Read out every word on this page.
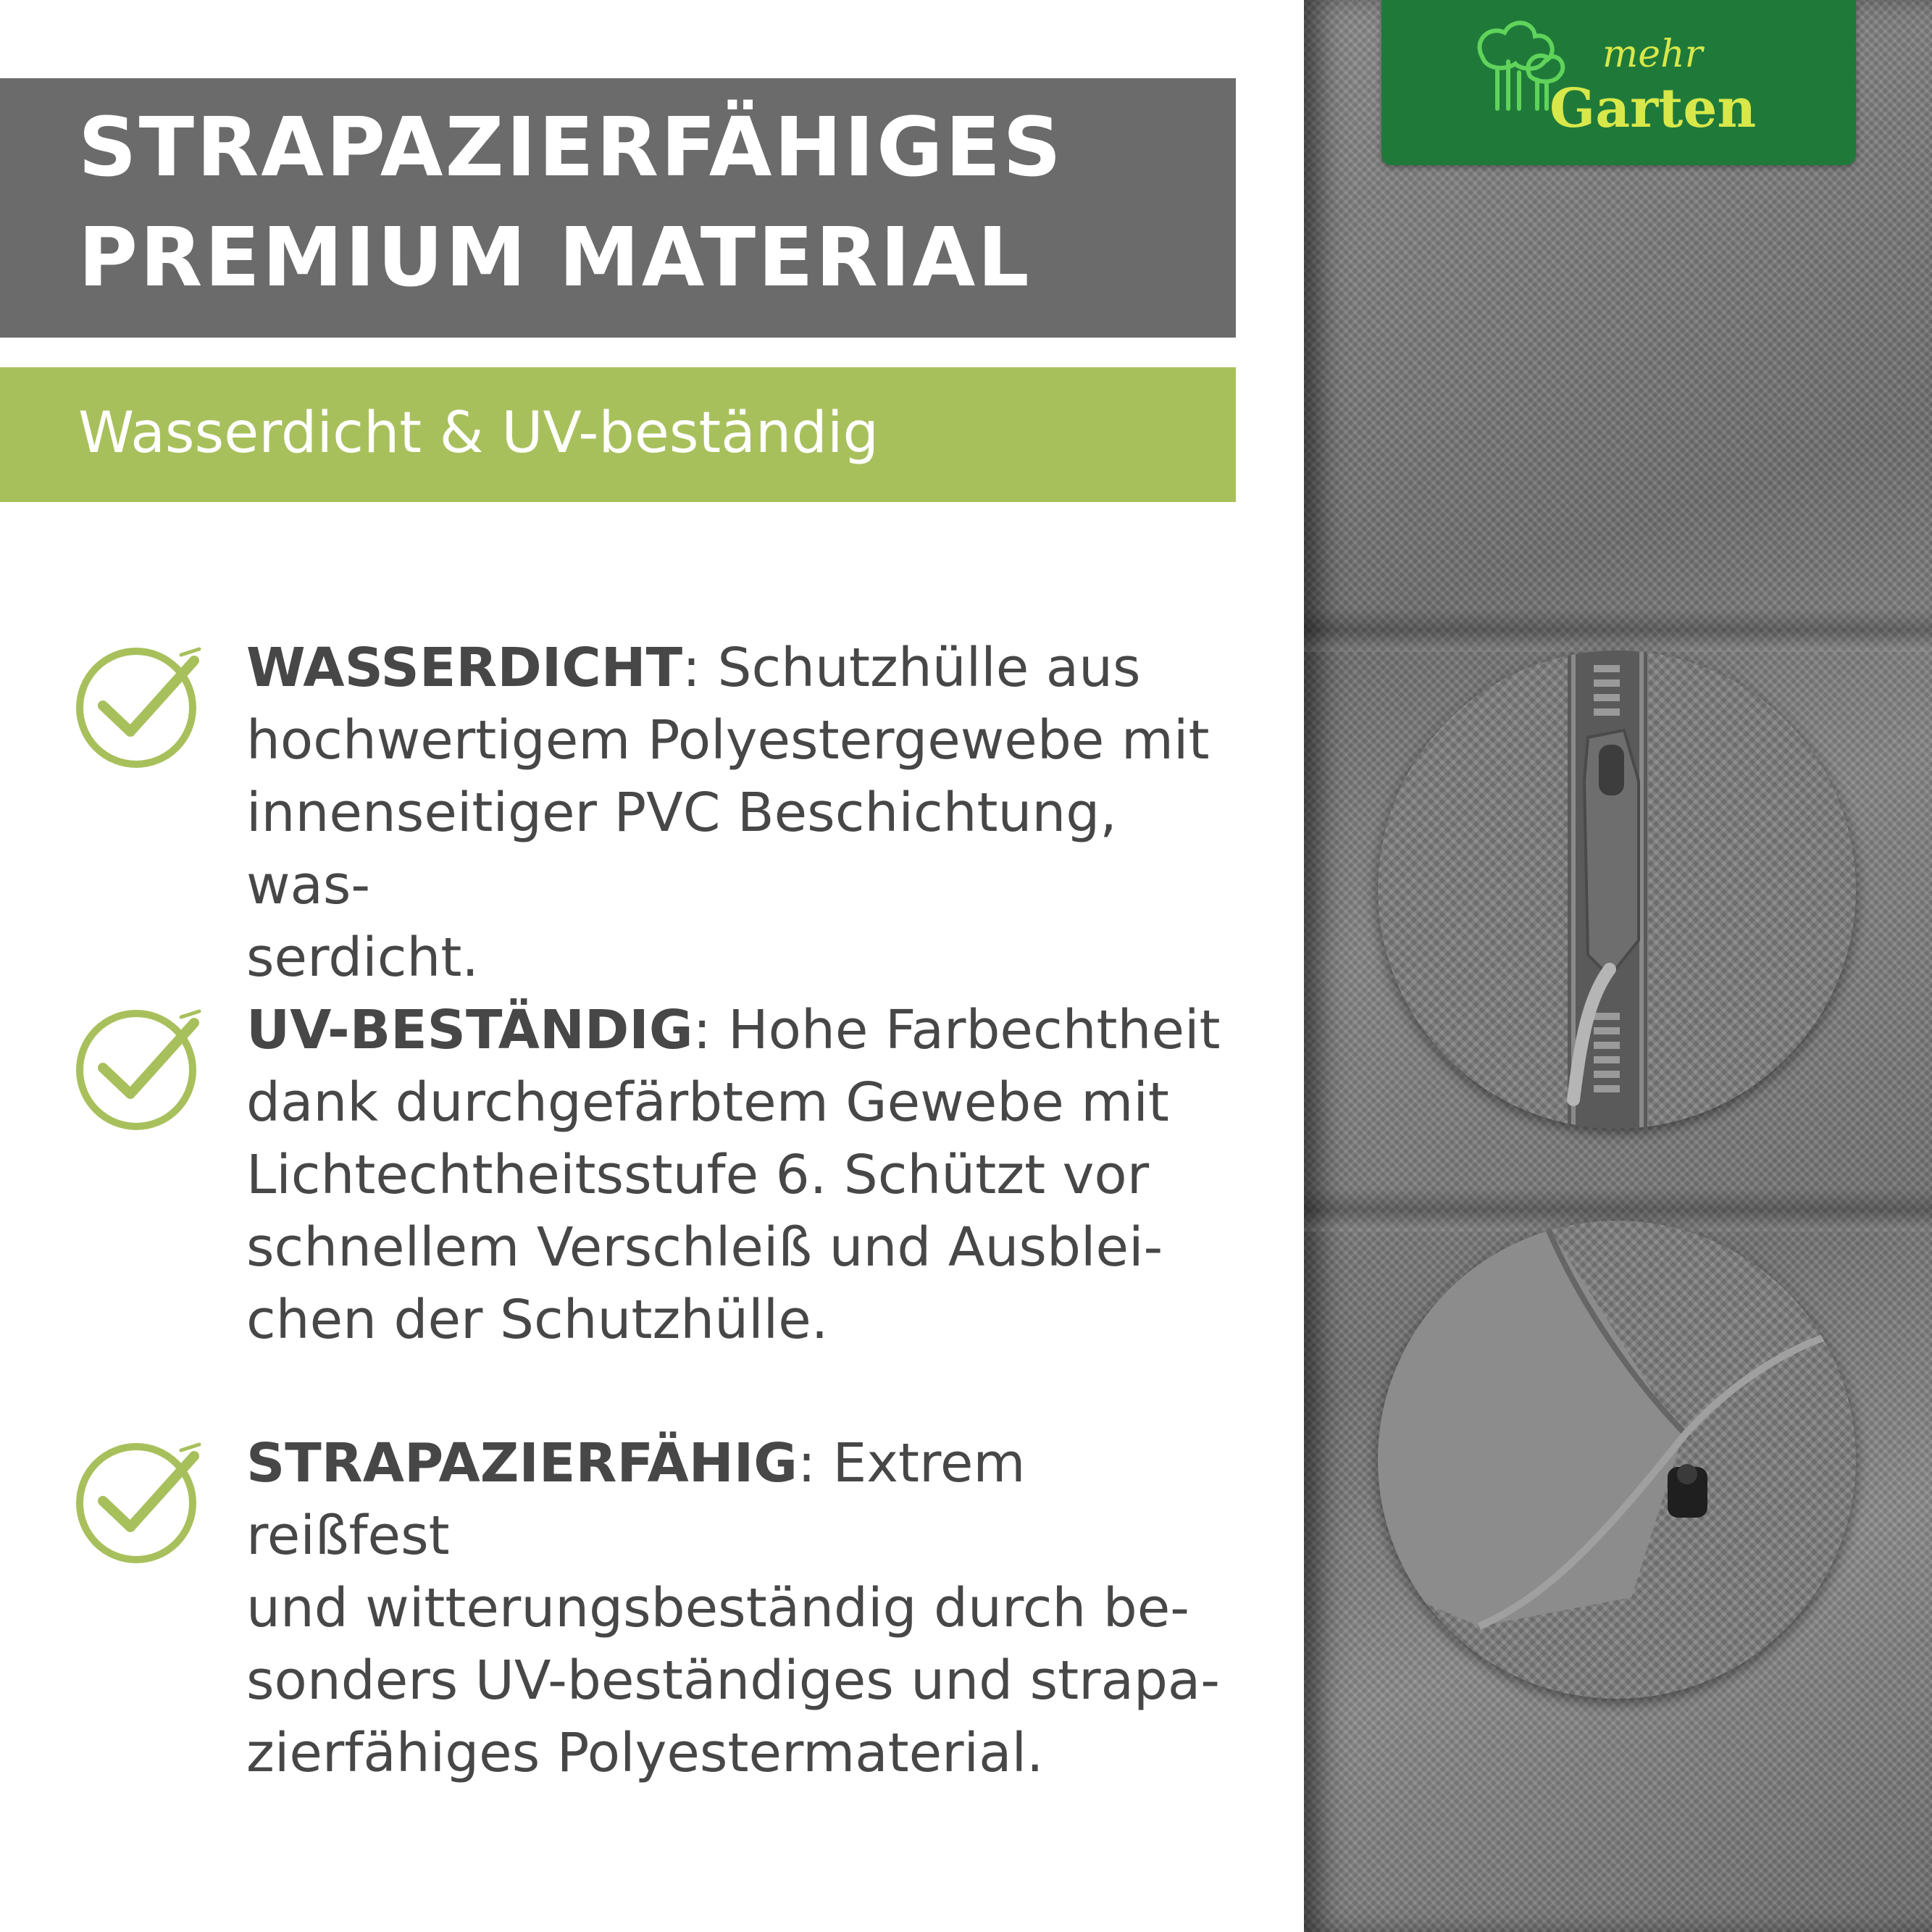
STRAPAZIERFÄHIGES
PREMIUM MATERIAL
Wasserdicht & UV-beständig
WASSERDICHT: Schutzhülle aus
hochwertigem Polyestergewebe mit
innenseitiger PVC Beschichtung, was-
serdicht.
UV-BESTÄNDIG: Hohe Farbechtheit
dank durchgefärbtem Gewebe mit
Lichtechtheitsstufe 6. Schützt vor
schnellem Verschleiß und Ausblei-
chen der Schutzhülle.
STRAPAZIERFÄHIG: Extrem reißfest
und witterungsbeständig durch be-
sonders UV-beständiges und strapa-
zierfähiges Polyestermaterial.
mehr
Garten
